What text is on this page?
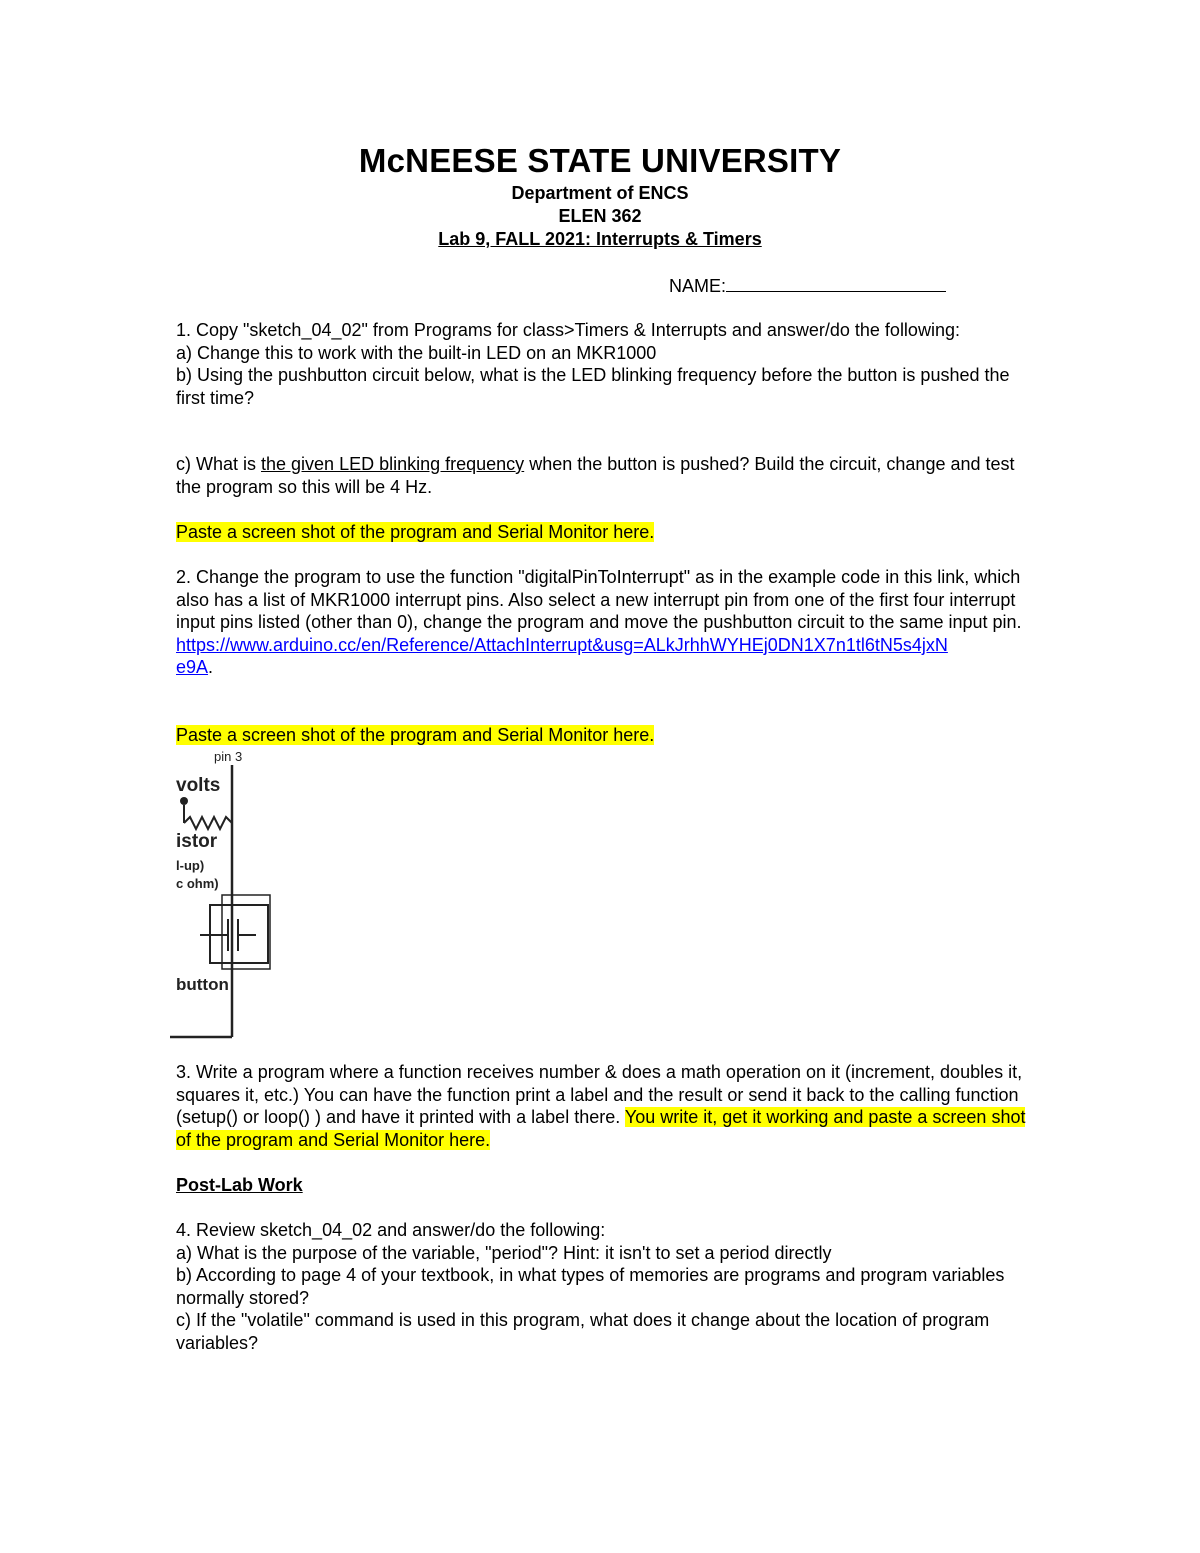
McNEESE STATE UNIVERSITY
Department of ENCS
ELEN 362
Lab 9, FALL 2021: Interrupts & Timers
NAME:
1. Copy "sketch_04_02" from Programs for class>Timers & Interrupts and answer/do the following:
a) Change this to work with the built-in LED on an MKR1000
b) Using the pushbutton circuit below, what is the LED blinking frequency before the button is pushed the first time?
c) What is the given LED blinking frequency when the button is pushed? Build the circuit, change and test the program so this will be 4 Hz.
Paste a screen shot of the program and Serial Monitor here.
2. Change the program to use the function "digitalPinToInterrupt" as in the example code in this link, which also has a list of MKR1000 interrupt pins. Also select a new interrupt pin from one of the first four interrupt input pins listed (other than 0), change the program and move the pushbutton circuit to the same input pin.
https://www.arduino.cc/en/Reference/AttachInterrupt&usg=ALkJrhhWYHEj0DN1X7n1tl6tN5s4jxN
e9A.
Paste a screen shot of the program and Serial Monitor here.
pin 3
volts
istor
l-up)
c ohm)
button
3. Write a program where a function receives number & does a math operation on it (increment, doubles it, squares it, etc.) You can have the function print a label and the result or send it back to the calling function (setup() or loop() ) and have it printed with a label there. You write it, get it working and paste a screen shot of the program and Serial Monitor here.
Post-Lab Work
4. Review sketch_04_02 and answer/do the following:
a) What is the purpose of the variable, "period"? Hint: it isn't to set a period directly
b) According to page 4 of your textbook, in what types of memories are programs and program variables normally stored?
c) If the "volatile" command is used in this program, what does it change about the location of program variables?
